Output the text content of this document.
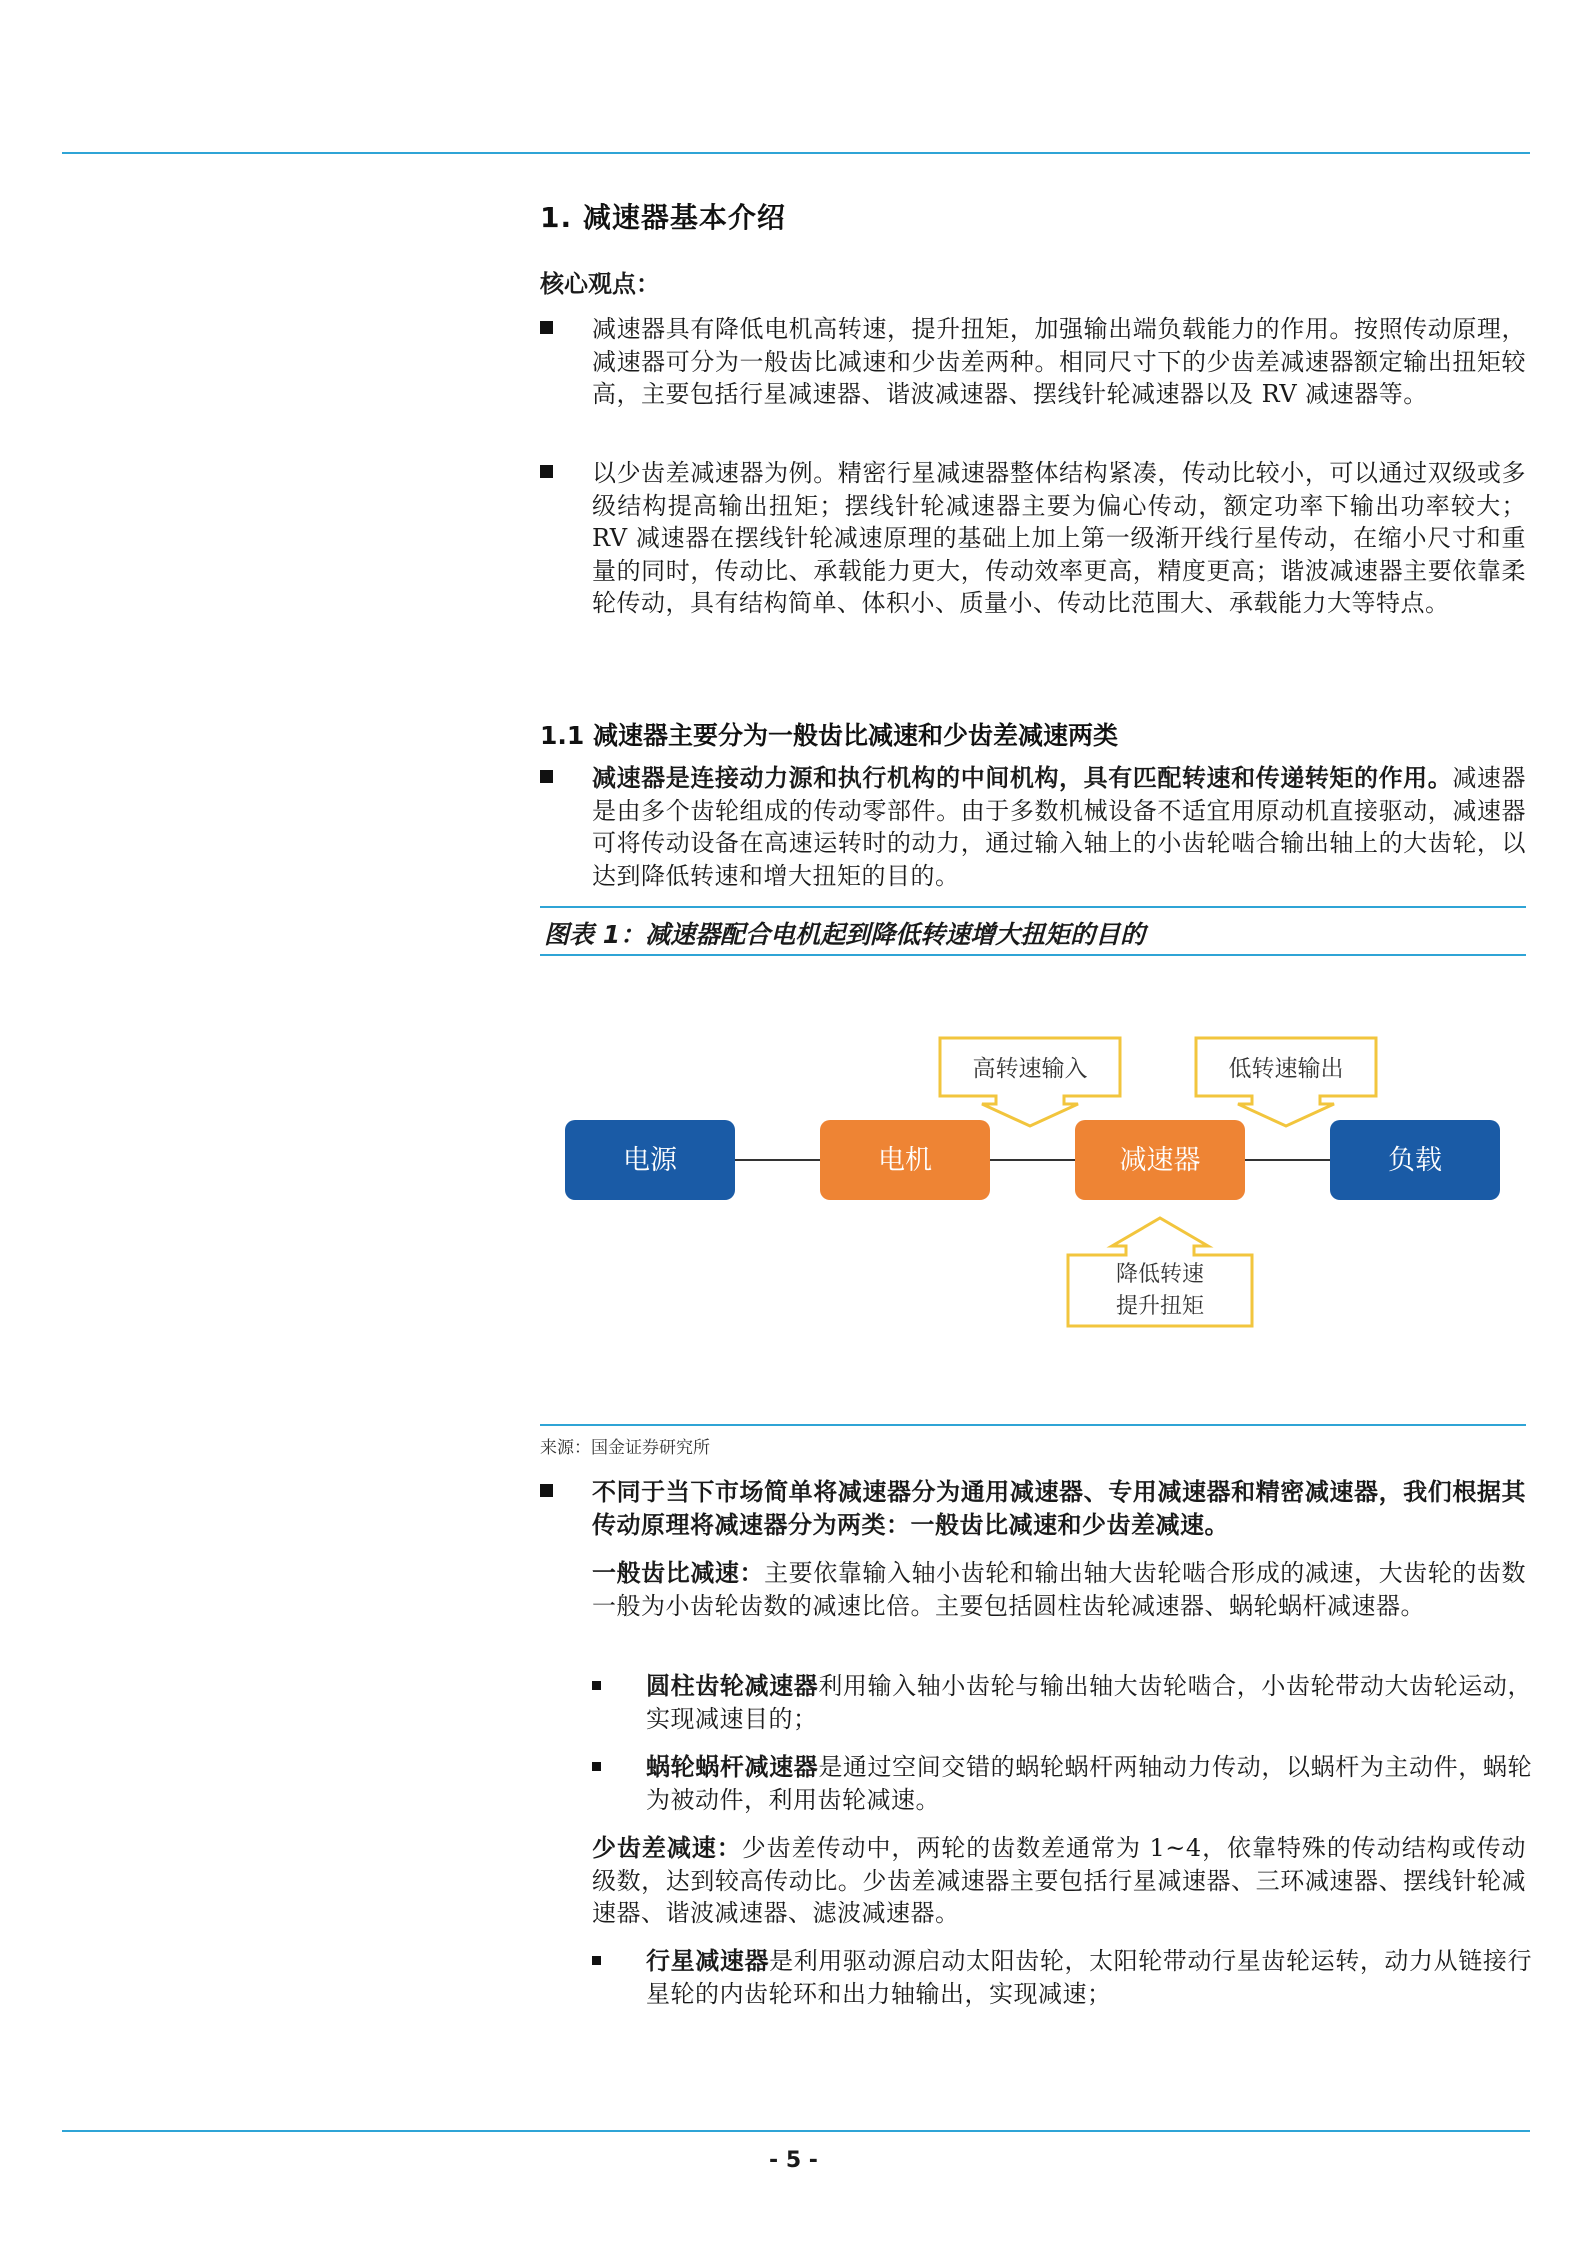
1. 减速器基本介绍
核心观点：
减速器具有降低电机高转速，提升扭矩，加强输出端负载能力的作用。按照传动原理，减速器可分为一般齿比减速和少齿差两种。相同尺寸下的少齿差减速器额定输出扭矩较高，主要包括行星减速器、谐波减速器、摆线针轮减速器以及 RV 减速器等。
以少齿差减速器为例。精密行星减速器整体结构紧凑，传动比较小，可以通过双级或多级结构提高输出扭矩；摆线针轮减速器主要为偏心传动，额定功率下输出功率较大；RV 减速器在摆线针轮减速原理的基础上加上第一级渐开线行星传动，在缩小尺寸和重量的同时，传动比、承载能力更大，传动效率更高，精度更高；谐波减速器主要依靠柔轮传动，具有结构简单、体积小、质量小、传动比范围大、承载能力大等特点。
1.1 减速器主要分为一般齿比减速和少齿差减速两类
减速器是连接动力源和执行机构的中间机构，具有匹配转速和传递转矩的作用。减速器是由多个齿轮组成的传动零部件。由于多数机械设备不适宜用原动机直接驱动，减速器可将传动设备在高速运转时的动力，通过输入轴上的小齿轮啮合输出轴上的大齿轮，以达到降低转速和增大扭矩的目的。
图表 1：减速器配合电机起到降低转速增大扭矩的目的
高转速输入	低转速输出
降低转速
提升扭矩
电源	电机	减速器	负载
来源：国金证券研究所
不同于当下市场简单将减速器分为通用减速器、专用减速器和精密减速器，我们根据其传动原理将减速器分为两类：一般齿比减速和少齿差减速。
一般齿比减速：主要依靠输入轴小齿轮和输出轴大齿轮啮合形成的减速，大齿轮的齿数一般为小齿轮齿数的减速比倍。主要包括圆柱齿轮减速器、蜗轮蜗杆减速器。
圆柱齿轮减速器利用输入轴小齿轮与输出轴大齿轮啮合，小齿轮带动大齿轮运动，实现减速目的；
蜗轮蜗杆减速器是通过空间交错的蜗轮蜗杆两轴动力传动，以蜗杆为主动件，蜗轮为被动件，利用齿轮减速。
少齿差减速：少齿差传动中，两轮的齿数差通常为 1~4，依靠特殊的传动结构或传动级数，达到较高传动比。少齿差减速器主要包括行星减速器、三环减速器、摆线针轮减速器、谐波减速器、滤波减速器。
行星减速器是利用驱动源启动太阳齿轮，太阳轮带动行星齿轮运转，动力从链接行星轮的内齿轮环和出力轴输出，实现减速；
- 5 -
